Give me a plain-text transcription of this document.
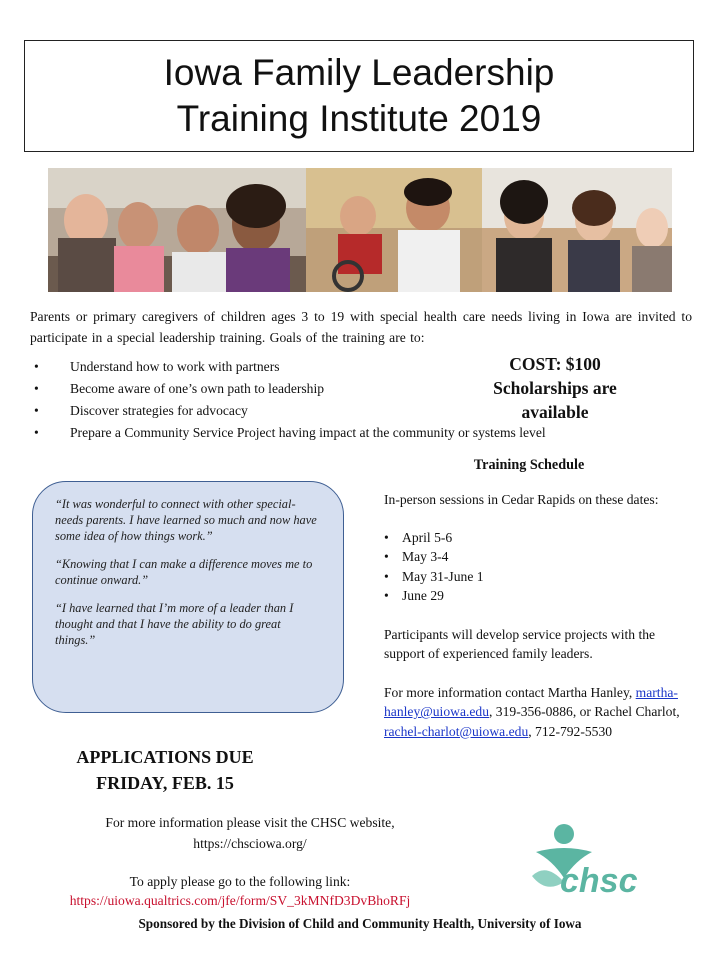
Iowa Family Leadership
Training Institute 2019
Parents or primary caregivers of children ages 3 to 19 with special health care needs living in Iowa are invited to participate in a special leadership training. Goals of the training are to:
• Understand how to work with partners
• Become aware of one’s own path to leadership
• Discover strategies for advocacy
• Prepare a Community Service Project having impact at the community or systems level
COST: $100
Scholarships are
available

“It was wonderful to connect with other special-needs parents. I have learned so much and now have some idea of how things work.”

“Knowing that I can make a difference moves me to continue onward.”

“I have learned that I’m more of a leader than I thought and that I have the ability to do great things.”

Training Schedule

In-person sessions in Cedar Rapids on these dates:

• April 5-6
• May 3-4
• May 31-June 1
• June 29

Participants will develop service projects with the support of experienced family leaders.

For more information contact Martha Hanley, martha-hanley@uiowa.edu, 319-356-0886, or Rachel Charlot, rachel-charlot@uiowa.edu, 712-792-5530

APPLICATIONS DUE
FRIDAY, FEB. 15
For more information please visit the CHSC website,
https://chsciowa.org/
To apply please go to the following link:
https://uiowa.qualtrics.com/jfe/form/SV_3kMNfD3DvBhoRFj
chsc
Sponsored by the Division of Child and Community Health, University of Iowa
